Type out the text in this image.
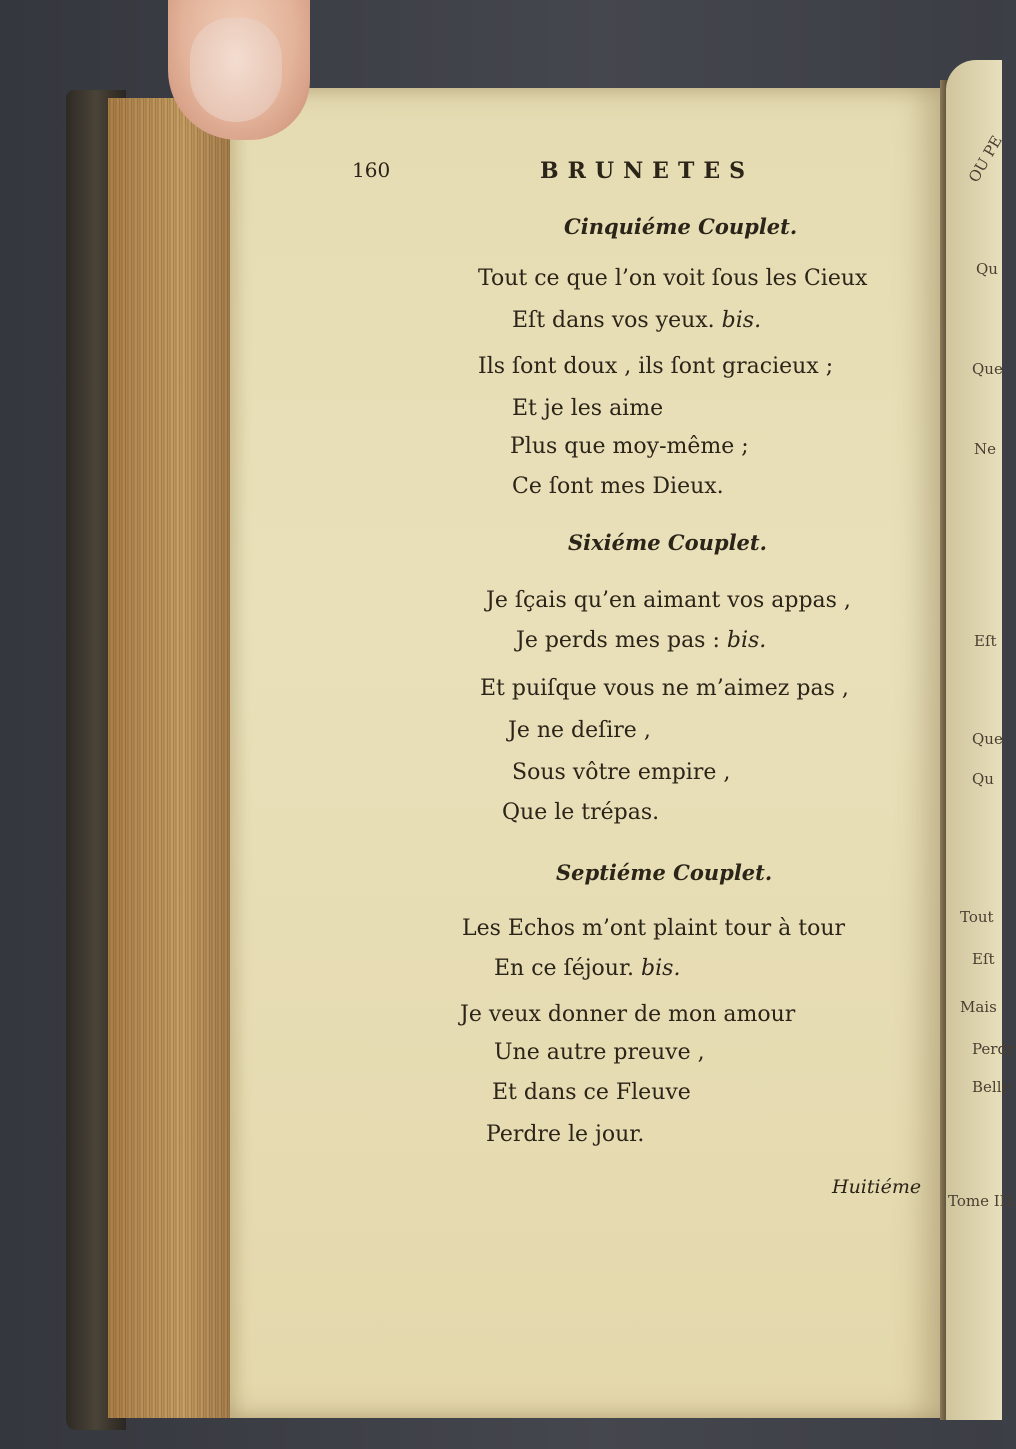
160	BRUNETES
Cinquiéme Couplet.
Tout ce que l’on voit ſous les Cieux
Eſt dans vos yeux. bis.
Ils ſont doux , ils ſont gracieux ;
Et je les aime
Plus que moy-même ;
Ce ſont mes Dieux.
Sixiéme Couplet.
Je ſçais qu’en aimant vos appas ,
Je perds mes pas : bis.
Et puiſque vous ne m’aimez pas ,
Je ne deſire ,
Sous vôtre empire ,
Que le trépas.
Septiéme Couplet.
Les Echos m’ont plaint tour à tour
En ce ſéjour. bis.
Je veux donner de mon amour
Une autre preuve ,
Et dans ce Fleuve
Perdre le jour.
Huitiéme
OU PE
Qu
Que
Ne
Que
Qu
Eſt
Tout
Eſt
Mais
Perdr
Belle
Tome III.
